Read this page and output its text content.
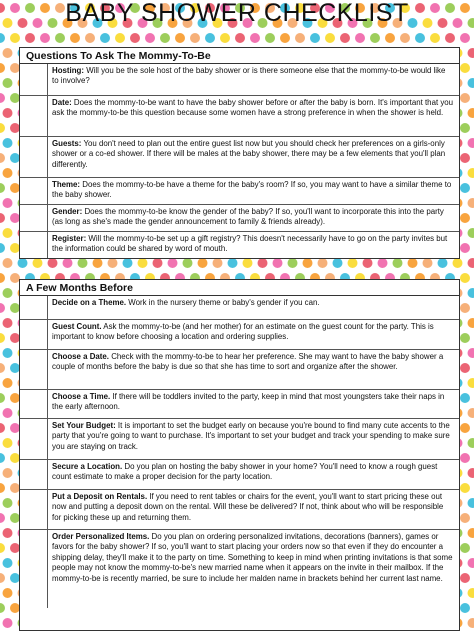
BABY SHOWER CHECKLIST
Questions To Ask The Mommy-To-Be
Hosting: Will you be the sole host of the baby shower or is there someone else that the mommy-to-be would like to involve?
Date: Does the mommy-to-be want to have the baby shower before or after the baby is born. It's important that you ask the mommy-to-be this question because some women have a strong preference in when the shower is held.
Guests: You don't need to plan out the entire guest list now but you should check her preferences on a girls-only shower or a co-ed shower. If there will be males at the baby shower, there may be a few elements that you'll plan differently.
Theme: Does the mommy-to-be have a theme for the baby's room? If so, you may want to have a similar theme to the baby shower.
Gender: Does the mommy-to-be know the gender of the baby? If so, you'll want to incorporate this into the party (as long as she's made the gender announcement to family & friends already).
Register: Will the mommy-to-be set up a gift registry? This doesn't necessarily have to go on the party invites but the information could be shared by word of mouth.
A Few Months Before
Decide on a Theme. Work in the nursery theme or baby's gender if you can.
Guest Count. Ask the mommy-to-be (and her mother) for an estimate on the guest count for the party. This is important to know before choosing a location and ordering supplies.
Choose a Date. Check with the mommy-to-be to hear her preference. She may want to have the baby shower a couple of months before the baby is due so that she has time to sort and organize after the shower.
Choose a Time. If there will be toddlers invited to the party, keep in mind that most youngsters take their naps in the early afternoon.
Set Your Budget: It is important to set the budget early on because you're bound to find many cute accents to the party that you're going to want to purchase. It's important to set your budget and track your spending to make sure you are staying on track.
Secure a Location. Do you plan on hosting the baby shower in your home? You'll need to know a rough guest count estimate to make a proper decision for the party location.
Put a Deposit on Rentals. If you need to rent tables or chairs for the event, you'll want to start pricing these out now and putting a deposit down on the rental. Will these be delivered? If not, think about who will be responsible for picking these up and returning them.
Order Personalized Items. Do you plan on ordering personalized invitations, decorations (banners), games or favors for the baby shower? If so, you'll want to start placing your orders now so that even if they do encounter a shipping delay, they'll make it to the party on time. Something to keep in mind when printing invitations is that some people may not know the mommy-to-be's new married name when it appears on the invite in their mailbox. If the mommy-to-be is recently married, be sure to include her malden name in brackets behind her current last name.
